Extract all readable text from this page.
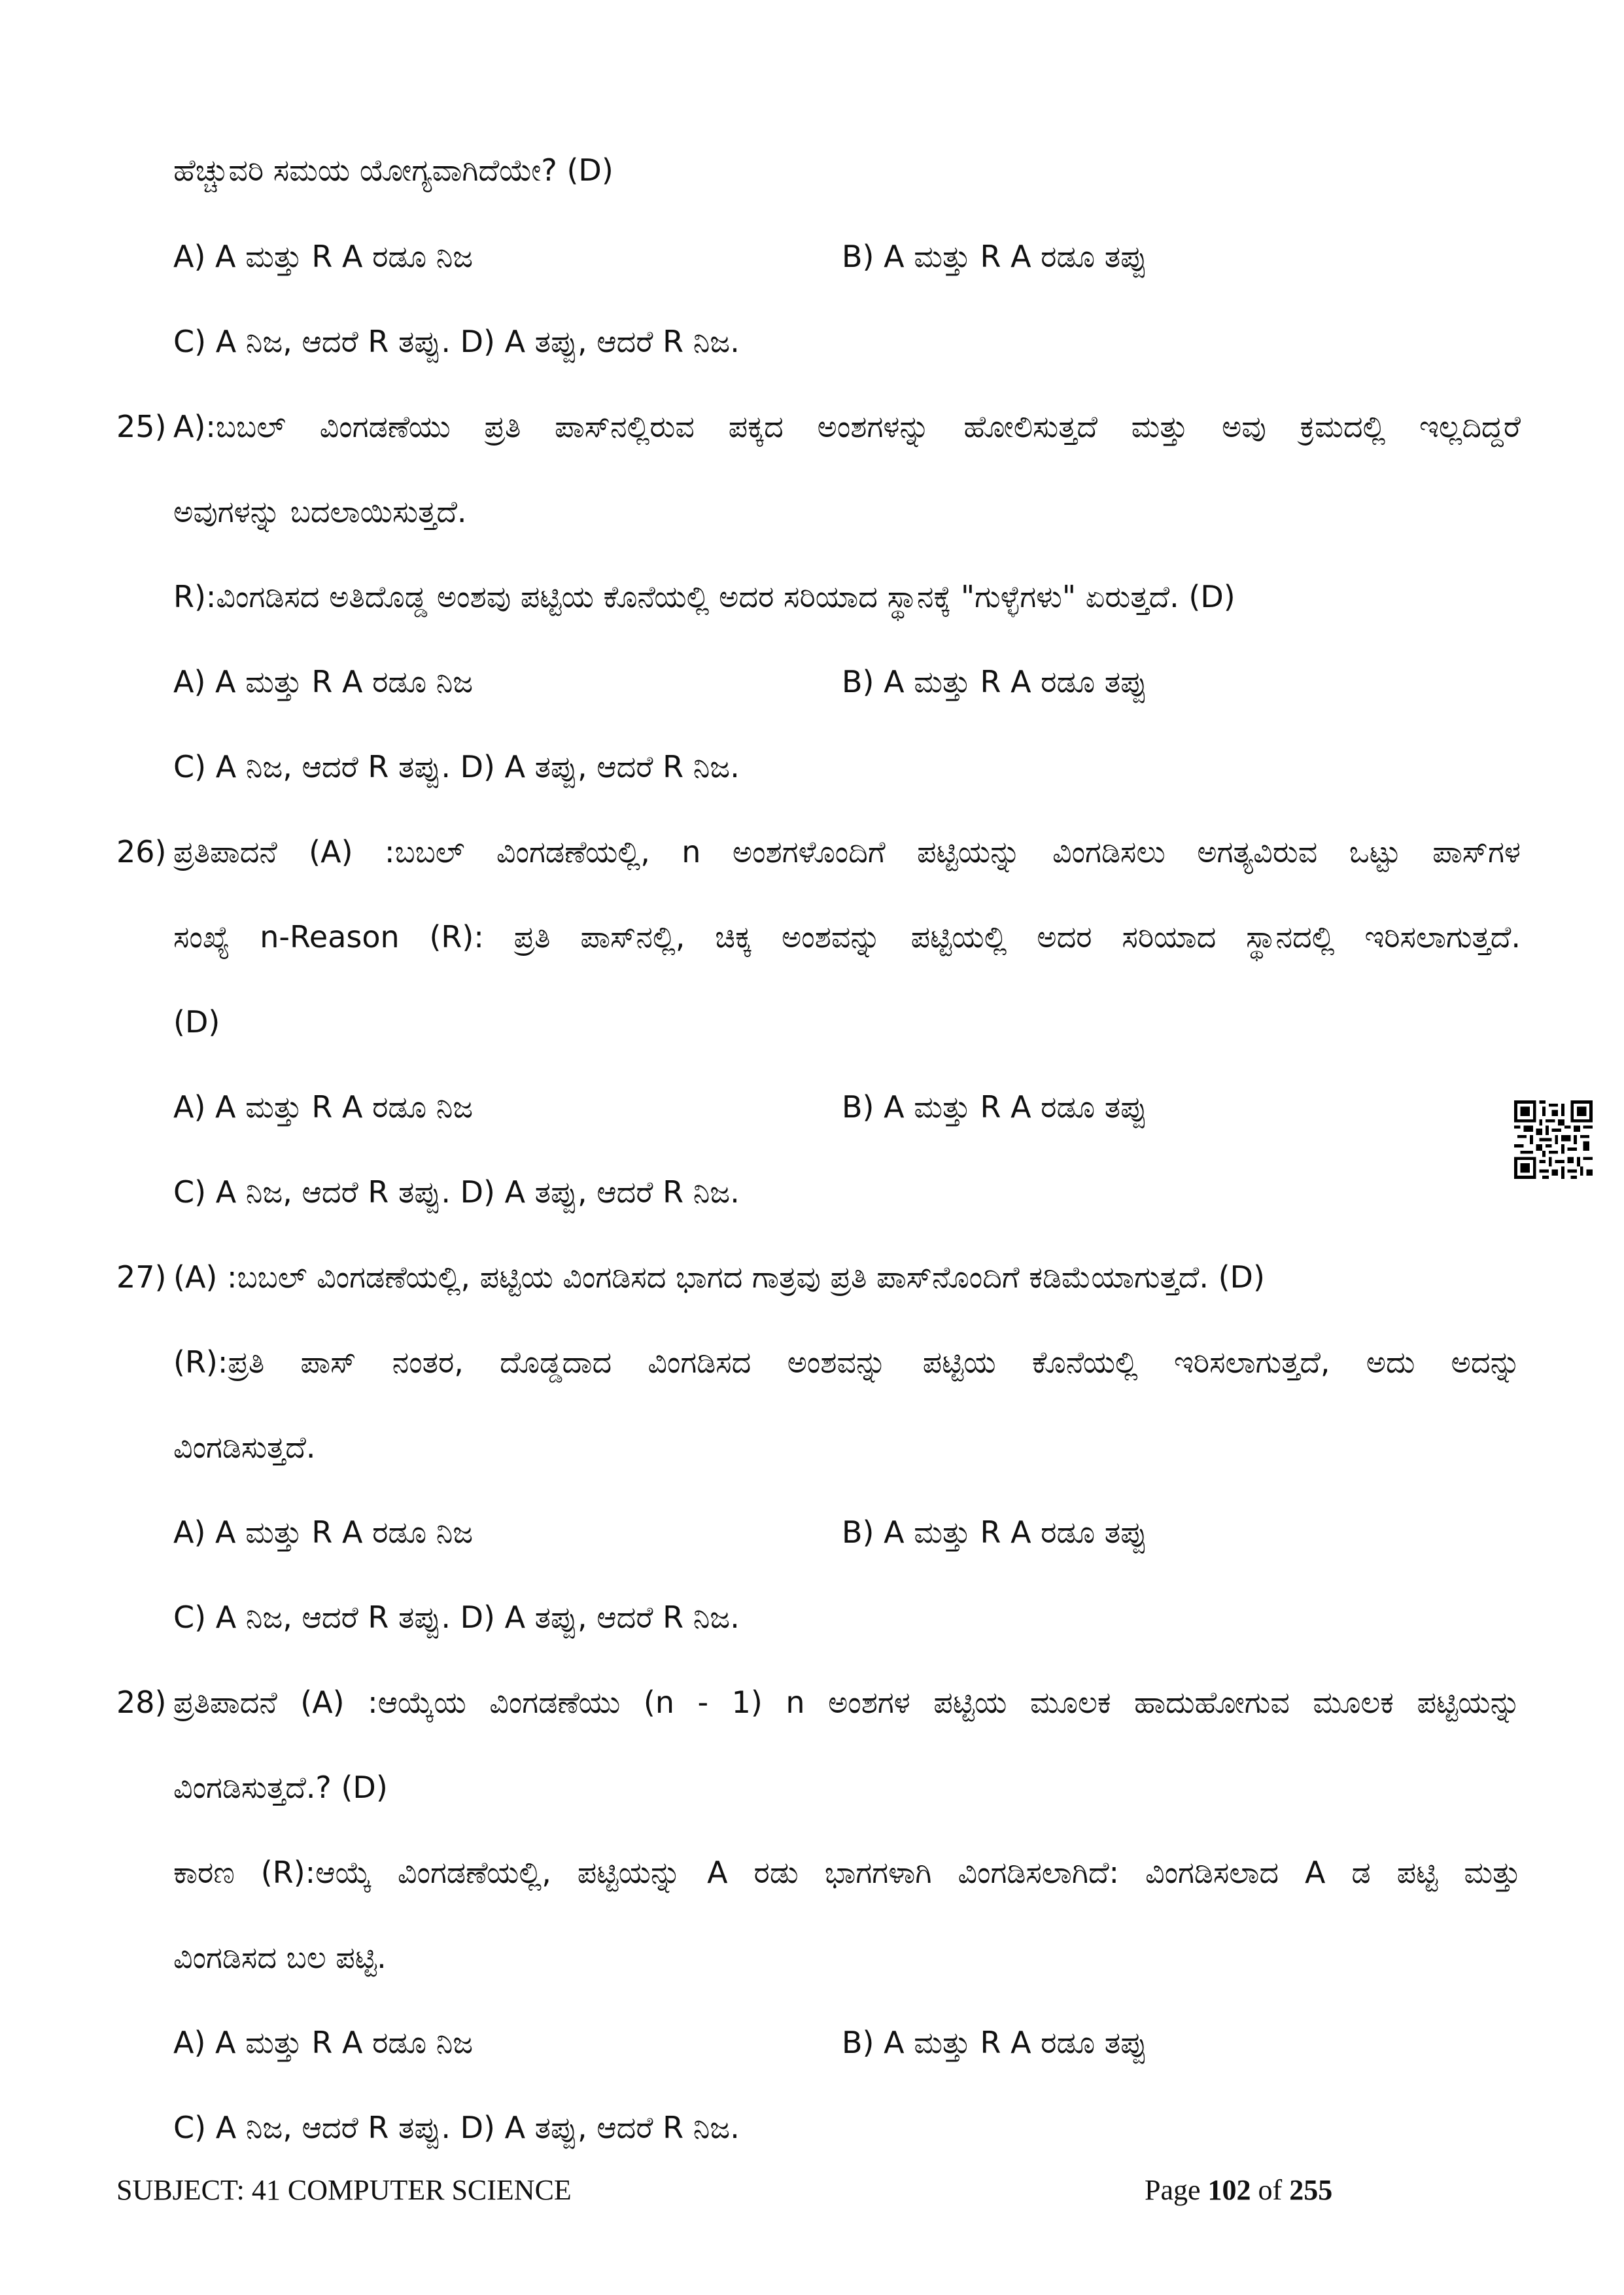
ಹೆಚ್ಚುವರಿ ಸಮಯ ಯೋಗ್ಯವಾಗಿದೆಯೇ? (D)
A) A ಮತ್ತು R A ರಡೂ ನಿಜ	B) A ಮತ್ತು R A ರಡೂ ತಪ್ಪು
C) A ನಿಜ, ಆದರೆ R ತಪ್ಪು. D) A ತಪ್ಪು, ಆದರೆ R ನಿಜ.
25) A):ಬಬಲ್ ವಿಂಗಡಣೆಯು ಪ್ರತಿ ಪಾಸ್‌ನಲ್ಲಿರುವ ಪಕ್ಕದ ಅಂಶಗಳನ್ನು ಹೋಲಿಸುತ್ತದೆ ಮತ್ತು ಅವು ಕ್ರಮದಲ್ಲಿ ಇಲ್ಲದಿದ್ದರೆ
ಅವುಗಳನ್ನು ಬದಲಾಯಿಸುತ್ತದೆ.
R):ವಿಂಗಡಿಸದ ಅತಿದೊಡ್ಡ ಅಂಶವು ಪಟ್ಟಿಯ ಕೊನೆಯಲ್ಲಿ ಅದರ ಸರಿಯಾದ ಸ್ಥಾನಕ್ಕೆ "ಗುಳ್ಳೆಗಳು" ಏರುತ್ತದೆ. (D)
A) A ಮತ್ತು R A ರಡೂ ನಿಜ	B) A ಮತ್ತು R A ರಡೂ ತಪ್ಪು
C) A ನಿಜ, ಆದರೆ R ತಪ್ಪು. D) A ತಪ್ಪು, ಆದರೆ R ನಿಜ.
26) ಪ್ರತಿಪಾದನೆ (A) :ಬಬಲ್ ವಿಂಗಡಣೆಯಲ್ಲಿ, n ಅಂಶಗಳೊಂದಿಗೆ ಪಟ್ಟಿಯನ್ನು ವಿಂಗಡಿಸಲು ಅಗತ್ಯವಿರುವ ಒಟ್ಟು ಪಾಸ್‌ಗಳ
ಸಂಖ್ಯೆ n-Reason (R): ಪ್ರತಿ ಪಾಸ್‌ನಲ್ಲಿ, ಚಿಕ್ಕ ಅಂಶವನ್ನು ಪಟ್ಟಿಯಲ್ಲಿ ಅದರ ಸರಿಯಾದ ಸ್ಥಾನದಲ್ಲಿ ಇರಿಸಲಾಗುತ್ತದೆ.
(D)
A) A ಮತ್ತು R A ರಡೂ ನಿಜ	B) A ಮತ್ತು R A ರಡೂ ತಪ್ಪು
C) A ನಿಜ, ಆದರೆ R ತಪ್ಪು. D) A ತಪ್ಪು, ಆದರೆ R ನಿಜ.
27) (A) :ಬಬಲ್ ವಿಂಗಡಣೆಯಲ್ಲಿ, ಪಟ್ಟಿಯ ವಿಂಗಡಿಸದ ಭಾಗದ ಗಾತ್ರವು ಪ್ರತಿ ಪಾಸ್‌ನೊಂದಿಗೆ ಕಡಿಮೆಯಾಗುತ್ತದೆ. (D)
(R):ಪ್ರತಿ ಪಾಸ್ ನಂತರ, ದೊಡ್ಡದಾದ ವಿಂಗಡಿಸದ ಅಂಶವನ್ನು ಪಟ್ಟಿಯ ಕೊನೆಯಲ್ಲಿ ಇರಿಸಲಾಗುತ್ತದೆ, ಅದು ಅದನ್ನು
ವಿಂಗಡಿಸುತ್ತದೆ.
A) A ಮತ್ತು R A ರಡೂ ನಿಜ	B) A ಮತ್ತು R A ರಡೂ ತಪ್ಪು
C) A ನಿಜ, ಆದರೆ R ತಪ್ಪು. D) A ತಪ್ಪು, ಆದರೆ R ನಿಜ.
28) ಪ್ರತಿಪಾದನೆ (A) :ಆಯ್ಕೆಯ ವಿಂಗಡಣೆಯು (n - 1) n ಅಂಶಗಳ ಪಟ್ಟಿಯ ಮೂಲಕ ಹಾದುಹೋಗುವ ಮೂಲಕ ಪಟ್ಟಿಯನ್ನು
ವಿಂಗಡಿಸುತ್ತದೆ.? (D)
ಕಾರಣ (R):ಆಯ್ಕೆ ವಿಂಗಡಣೆಯಲ್ಲಿ, ಪಟ್ಟಿಯನ್ನು A ರಡು ಭಾಗಗಳಾಗಿ ವಿಂಗಡಿಸಲಾಗಿದೆ: ವಿಂಗಡಿಸಲಾದ A ಡ ಪಟ್ಟಿ ಮತ್ತು
ವಿಂಗಡಿಸದ ಬಲ ಪಟ್ಟಿ.
A) A ಮತ್ತು R A ರಡೂ ನಿಜ	B) A ಮತ್ತು R A ರಡೂ ತಪ್ಪು
C) A ನಿಜ, ಆದರೆ R ತಪ್ಪು. D) A ತಪ್ಪು, ಆದರೆ R ನಿಜ.
SUBJECT: 41 COMPUTER SCIENCE	Page 102 of 255
